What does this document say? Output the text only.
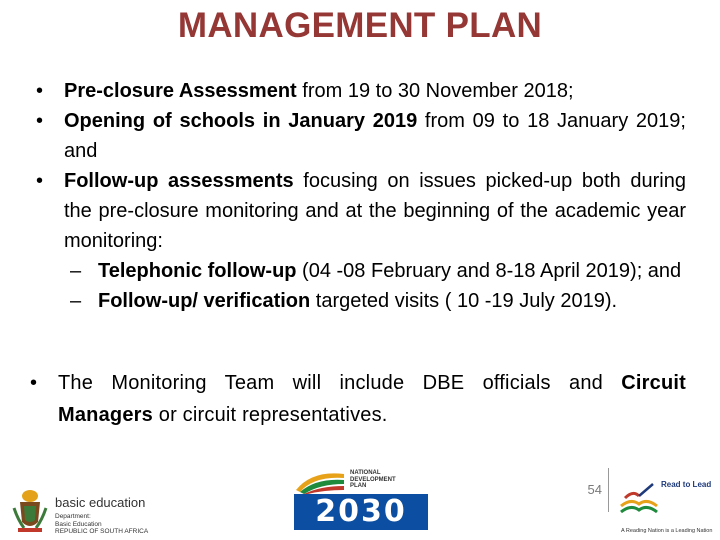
MANAGEMENT PLAN
• Pre-closure Assessment from 19 to 30 November 2018;
• Opening of schools in January 2019 from 09 to 18 January 2019; and
• Follow-up assessments focusing on issues picked-up both during the pre-closure monitoring and at the beginning of the academic year monitoring:
– Telephonic follow-up (04 -08 February and 8-18 April 2019); and
– Follow-up/ verification targeted visits ( 10 -19 July 2019).
• The Monitoring Team will include DBE officials and Circuit Managers or circuit representatives.
basic education
Department:
Basic Education
REPUBLIC OF SOUTH AFRICA
NATIONAL
DEVELOPMENT
PLAN
2030
54	Read to Lead
A Reading Nation is a Leading Nation
